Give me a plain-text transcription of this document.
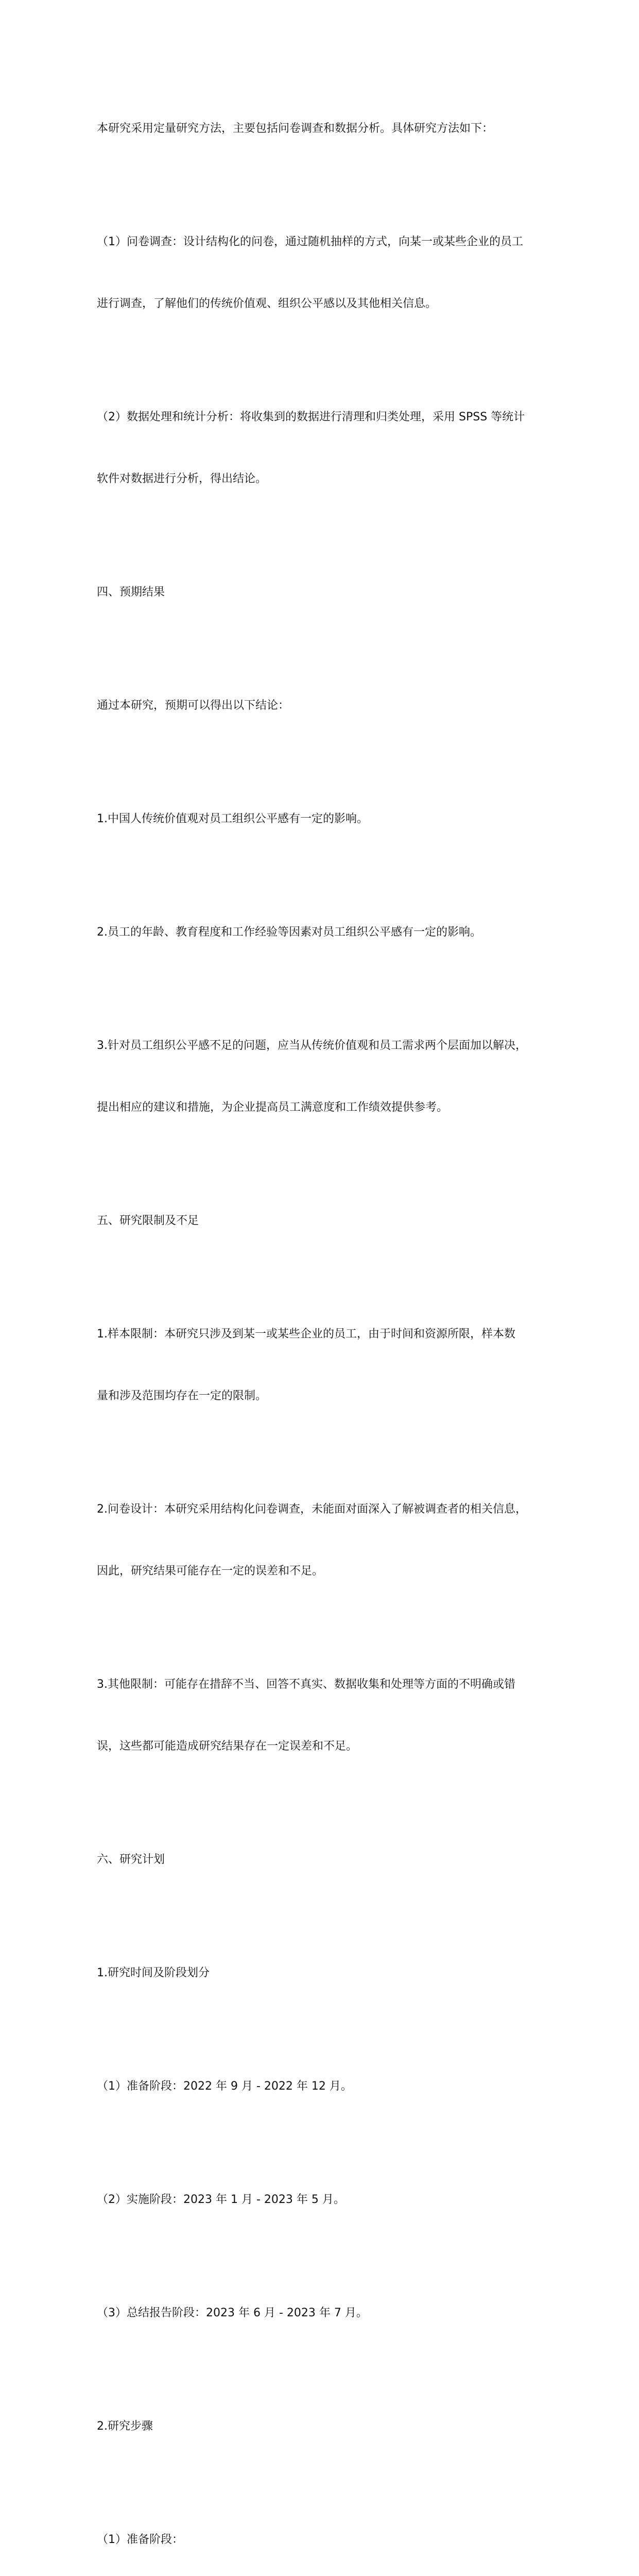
本研究采用定量研究方法，主要包括问卷调查和数据分析。具体研究方法如下：

（1）问卷调查：设计结构化的问卷，通过随机抽样的方式，向某一或某些企业的员工

进行调查，了解他们的传统价值观、组织公平感以及其他相关信息。

（2）数据处理和统计分析：将收集到的数据进行清理和归类处理，采用 SPSS 等统计

软件对数据进行分析，得出结论。

四、预期结果

通过本研究，预期可以得出以下结论：

1.中国人传统价值观对员工组织公平感有一定的影响。

2.员工的年龄、教育程度和工作经验等因素对员工组织公平感有一定的影响。

3.针对员工组织公平感不足的问题，应当从传统价值观和员工需求两个层面加以解决，

提出相应的建议和措施，为企业提高员工满意度和工作绩效提供参考。

五、研究限制及不足

1.样本限制：本研究只涉及到某一或某些企业的员工，由于时间和资源所限，样本数

量和涉及范围均存在一定的限制。

2.问卷设计：本研究采用结构化问卷调查，未能面对面深入了解被调查者的相关信息，

因此，研究结果可能存在一定的误差和不足。

3.其他限制：可能存在措辞不当、回答不真实、数据收集和处理等方面的不明确或错

误，这些都可能造成研究结果存在一定误差和不足。

六、研究计划

1.研究时间及阶段划分

（1）准备阶段：2022 年 9 月 - 2022 年 12 月。

（2）实施阶段：2023 年 1 月 - 2023 年 5 月。

（3）总结报告阶段：2023 年 6 月 - 2023 年 7 月。

2.研究步骤

（1）准备阶段：
